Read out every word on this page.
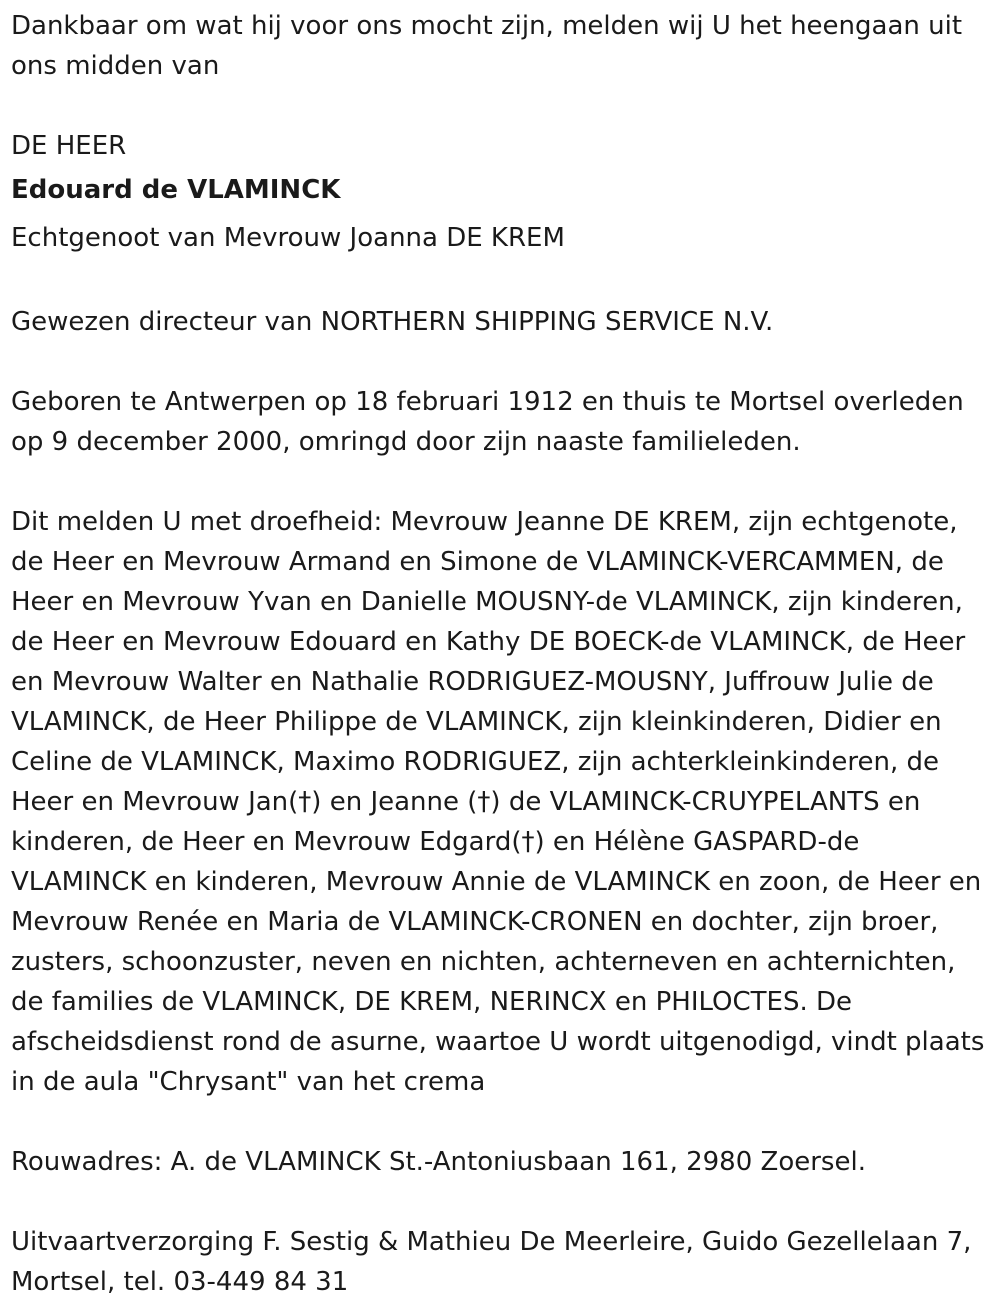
Dankbaar om wat hij voor ons mocht zijn, melden wij U het heengaan uit ons midden van

DE HEER

Edouard de VLAMINCK

Echtgenoot van Mevrouw Joanna DE KREM

Gewezen directeur van NORTHERN SHIPPING SERVICE N.V.

Geboren te Antwerpen op 18 februari 1912 en thuis te Mortsel overleden op 9 december 2000, omringd door zijn naaste familieleden.

Dit melden U met droefheid: Mevrouw Jeanne DE KREM, zijn echtgenote, de Heer en Mevrouw Armand en Simone de VLAMINCK-VERCAMMEN, de Heer en Mevrouw Yvan en Danielle MOUSNY-de VLAMINCK, zijn kinderen, de Heer en Mevrouw Edouard en Kathy DE BOECK-de VLAMINCK, de Heer en Mevrouw Walter en Nathalie RODRIGUEZ-MOUSNY, Juffrouw Julie de VLAMINCK, de Heer Philippe de VLAMINCK, zijn kleinkinderen, Didier en Celine de VLAMINCK, Maximo RODRIGUEZ, zijn achterkleinkinderen, de Heer en Mevrouw Jan(†) en Jeanne (†) de VLAMINCK-CRUYPELANTS en kinderen, de Heer en Mevrouw Edgard(†) en Hélène GASPARD-de VLAMINCK en kinderen, Mevrouw Annie de VLAMINCK en zoon, de Heer en Mevrouw Renée en Maria de VLAMINCK-CRONEN en dochter, zijn broer, zusters, schoonzuster, neven en nichten, achterneven en achternichten, de families de VLAMINCK, DE KREM, NERINCX en PHILOCTES. De afscheidsdienst rond de asurne, waartoe U wordt uitgenodigd, vindt plaats in de aula "Chrysant" van het crema

Rouwadres: A. de VLAMINCK St.-Antoniusbaan 161, 2980 Zoersel.

Uitvaartverzorging F. Sestig & Mathieu De Meerleire, Guido Gezellelaan 7, Mortsel, tel. 03-449 84 31
